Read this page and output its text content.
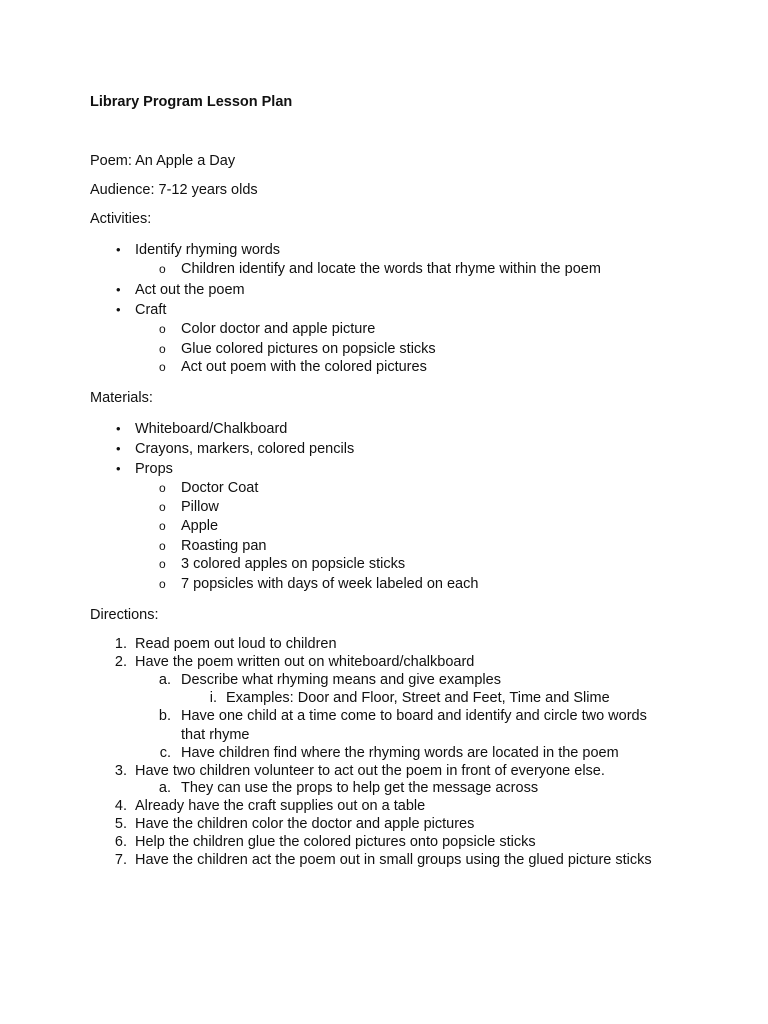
Library Program Lesson Plan
Poem: An Apple a Day
Audience: 7-12 years olds
Activities:
• Identify rhyming words
o Children identify and locate the words that rhyme within the poem
• Act out the poem
• Craft
o Color doctor and apple picture
o Glue colored pictures on popsicle sticks
o Act out poem with the colored pictures
Materials:
• Whiteboard/Chalkboard
• Crayons, markers, colored pencils
• Props
o Doctor Coat
o Pillow
o Apple
o Roasting pan
o 3 colored apples on popsicle sticks
o 7 popsicles with days of week labeled on each
Directions:
1. Read poem out loud to children
2. Have the poem written out on whiteboard/chalkboard
a. Describe what rhyming means and give examples
i. Examples: Door and Floor, Street and Feet, Time and Slime
b. Have one child at a time come to board and identify and circle two words
that rhyme
c. Have children find where the rhyming words are located in the poem
3. Have two children volunteer to act out the poem in front of everyone else.
a. They can use the props to help get the message across
4. Already have the craft supplies out on a table
5. Have the children color the doctor and apple pictures
6. Help the children glue the colored pictures onto popsicle sticks
7. Have the children act the poem out in small groups using the glued picture sticks
